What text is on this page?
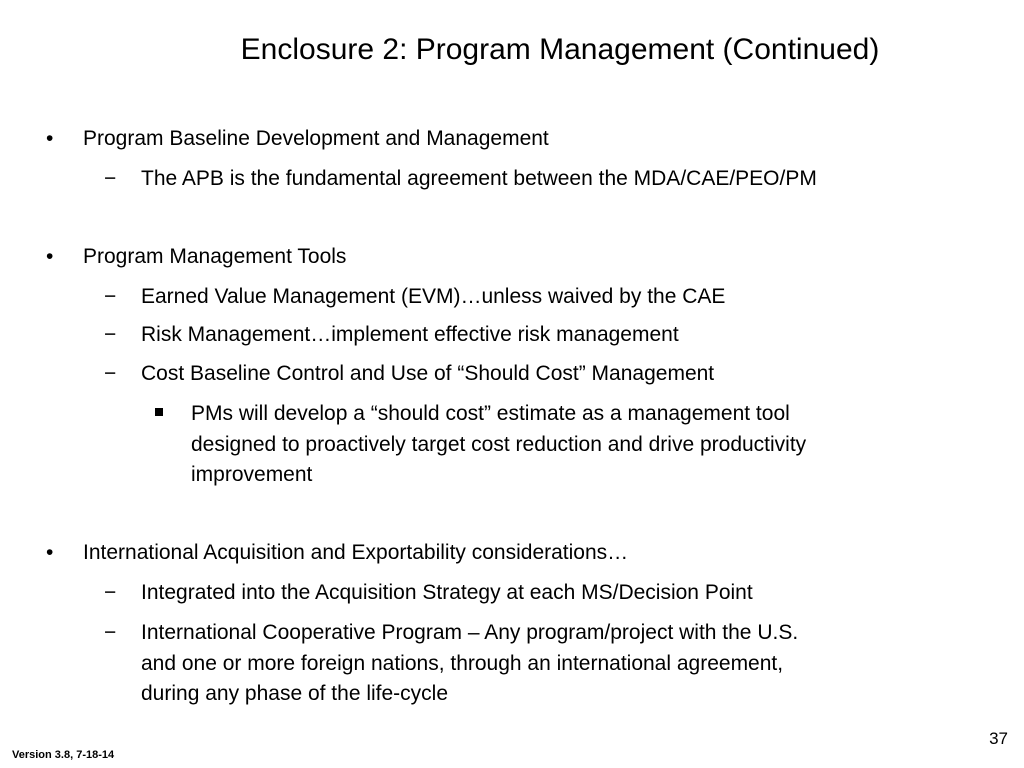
Enclosure 2: Program Management (Continued)
• Program Baseline Development and Management
− The APB is the fundamental agreement between the MDA/CAE/PEO/PM
• Program Management Tools
− Earned Value Management (EVM)…unless waived by the CAE
− Risk Management…implement effective risk management
− Cost Baseline Control and Use of “Should Cost” Management
PMs will develop a “should cost” estimate as a management tool
designed to proactively target cost reduction and drive productivity
improvement
• International Acquisition and Exportability considerations…
− Integrated into the Acquisition Strategy at each MS/Decision Point
− International Cooperative Program – Any program/project with the U.S.
and one or more foreign nations, through an international agreement,
during any phase of the life-cycle
Version 3.8, 7-18-14
37
